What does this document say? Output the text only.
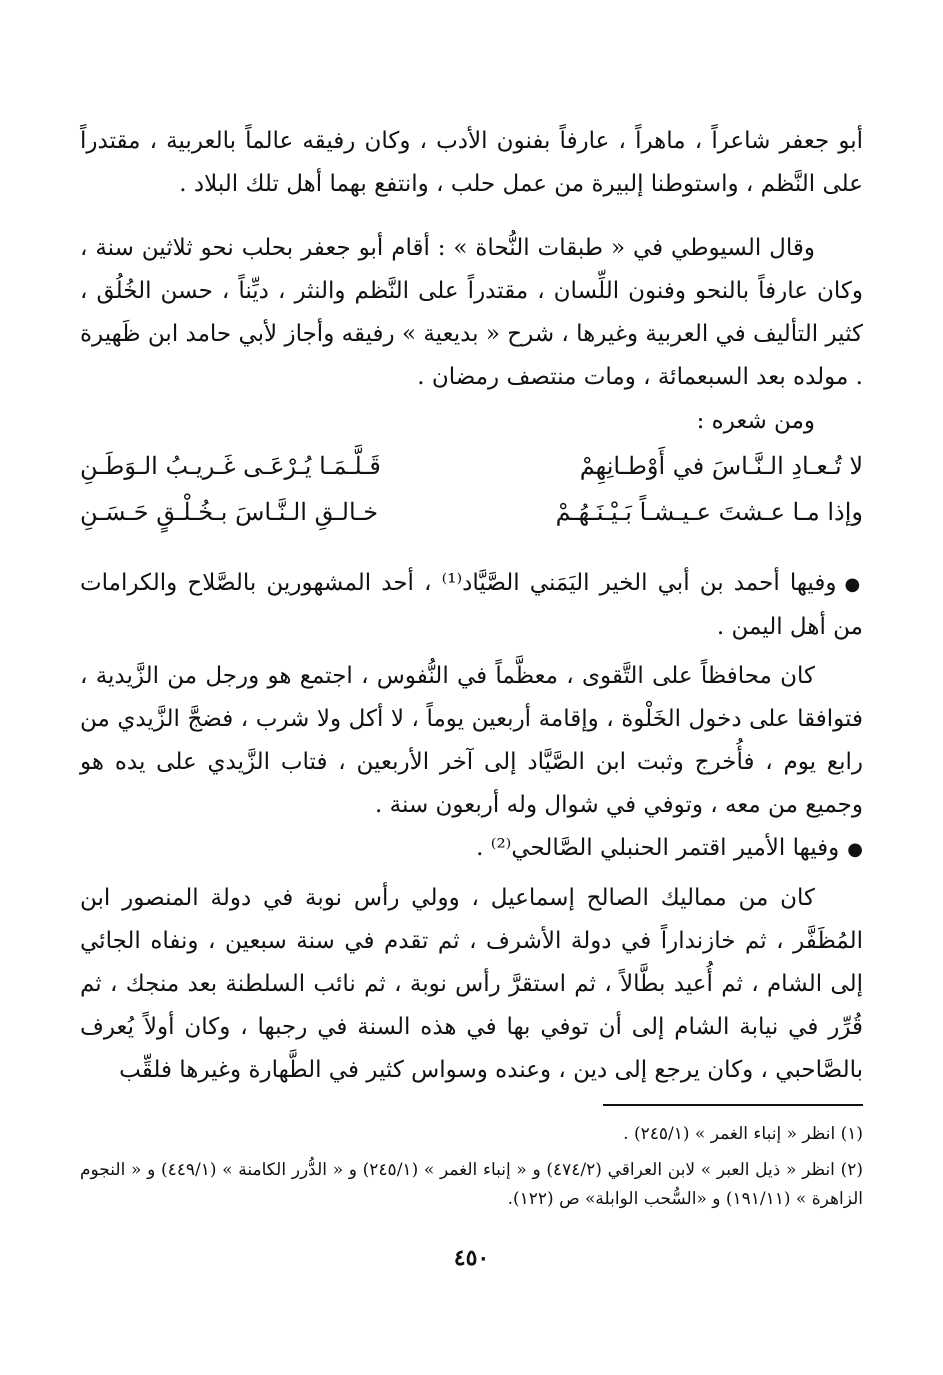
أبو جعفر شاعراً ، ماهراً ، عارفاً بفنون الأدب ، وكان رفيقه عالماً بالعربية ، مقتدراً على النَّظم ، واستوطنا إلبيرة من عمل حلب ، وانتفع بهما أهل تلك البلاد .

وقال السيوطي في « طبقات النُّحاة » : أقام أبو جعفر بحلب نحو ثلاثين سنة ، وكان عارفاً بالنحو وفنون اللِّسان ، مقتدراً على النَّظم والنثر ، ديِّناً ، حسن الخُلُق ، كثير التأليف في العربية وغيرها ، شرح « بديعية » رفيقه وأجاز لأبي حامد ابن ظَهيرة . مولده بعد السبعمائة ، ومات منتصف رمضان .

ومن شعره :

لا تُـعـادِ الـنَّـاسَ في أَوْطـانِهِمْ
قَـلَّـمَـا يُـرْعَـى غَـريـبُ الـوَطَـنِ
وإذا مـا عـشتَ عـيـشـاً بَـيْـنَـهُـمْ
خـالـقِ الـنَّـاسَ بـخُـلْـقٍ حَـسَـنِ

●وفيها أحمد بن أبي الخير اليَمَني الصَّيَّاد⁽¹⁾ ، أحد المشهورين بالصَّلاح والكرامات من أهل اليمن .

كان محافظاً على التَّقوى ، معظَّماً في النُّفوس ، اجتمع هو ورجل من الزَّيدية ، فتوافقا على دخول الخَلْوة ، وإقامة أربعين يوماً ، لا أكل ولا شرب ، فضجَّ الزَّيدي من رابع يوم ، فأُخرج وثبت ابن الصَّيَّاد إلى آخر الأربعين ، فتاب الزَّيدي على يده هو وجميع من معه ، وتوفي في شوال وله أربعون سنة .

●وفيها الأمير اقتمر الحنبلي الصَّالحي⁽²⁾ .

كان من مماليك الصالح إسماعيل ، وولي رأس نوبة في دولة المنصور ابن المُظَفَّر ، ثم خازنداراً في دولة الأشرف ، ثم تقدم في سنة سبعين ، ونفاه الجائي إلى الشام ، ثم أُعيد بطَّالاً ، ثم استقرَّ رأس نوبة ، ثم نائب السلطنة بعد منجك ، ثم قُرِّر في نيابة الشام إلى أن توفي بها في هذه السنة في رجبها ، وكان أولاً يُعرف بالصَّاحبي ، وكان يرجع إلى دين ، وعنده وسواس كثير في الطَّهارة وغيرها فلقِّب

(١) انظر « إنباء الغمر » (٢٤٥/١) .

(٢) انظر « ذيل العبر » لابن العراقي (٤٧٤/٢) و « إنباء الغمر » (٢٤٥/١) و « الدُّرر الكامنة » (٤٤٩/١) و « النجوم الزاهرة » (١٩١/١١) و «السُّحب الوابلة» ص (١٢٢).

٤٥٠
